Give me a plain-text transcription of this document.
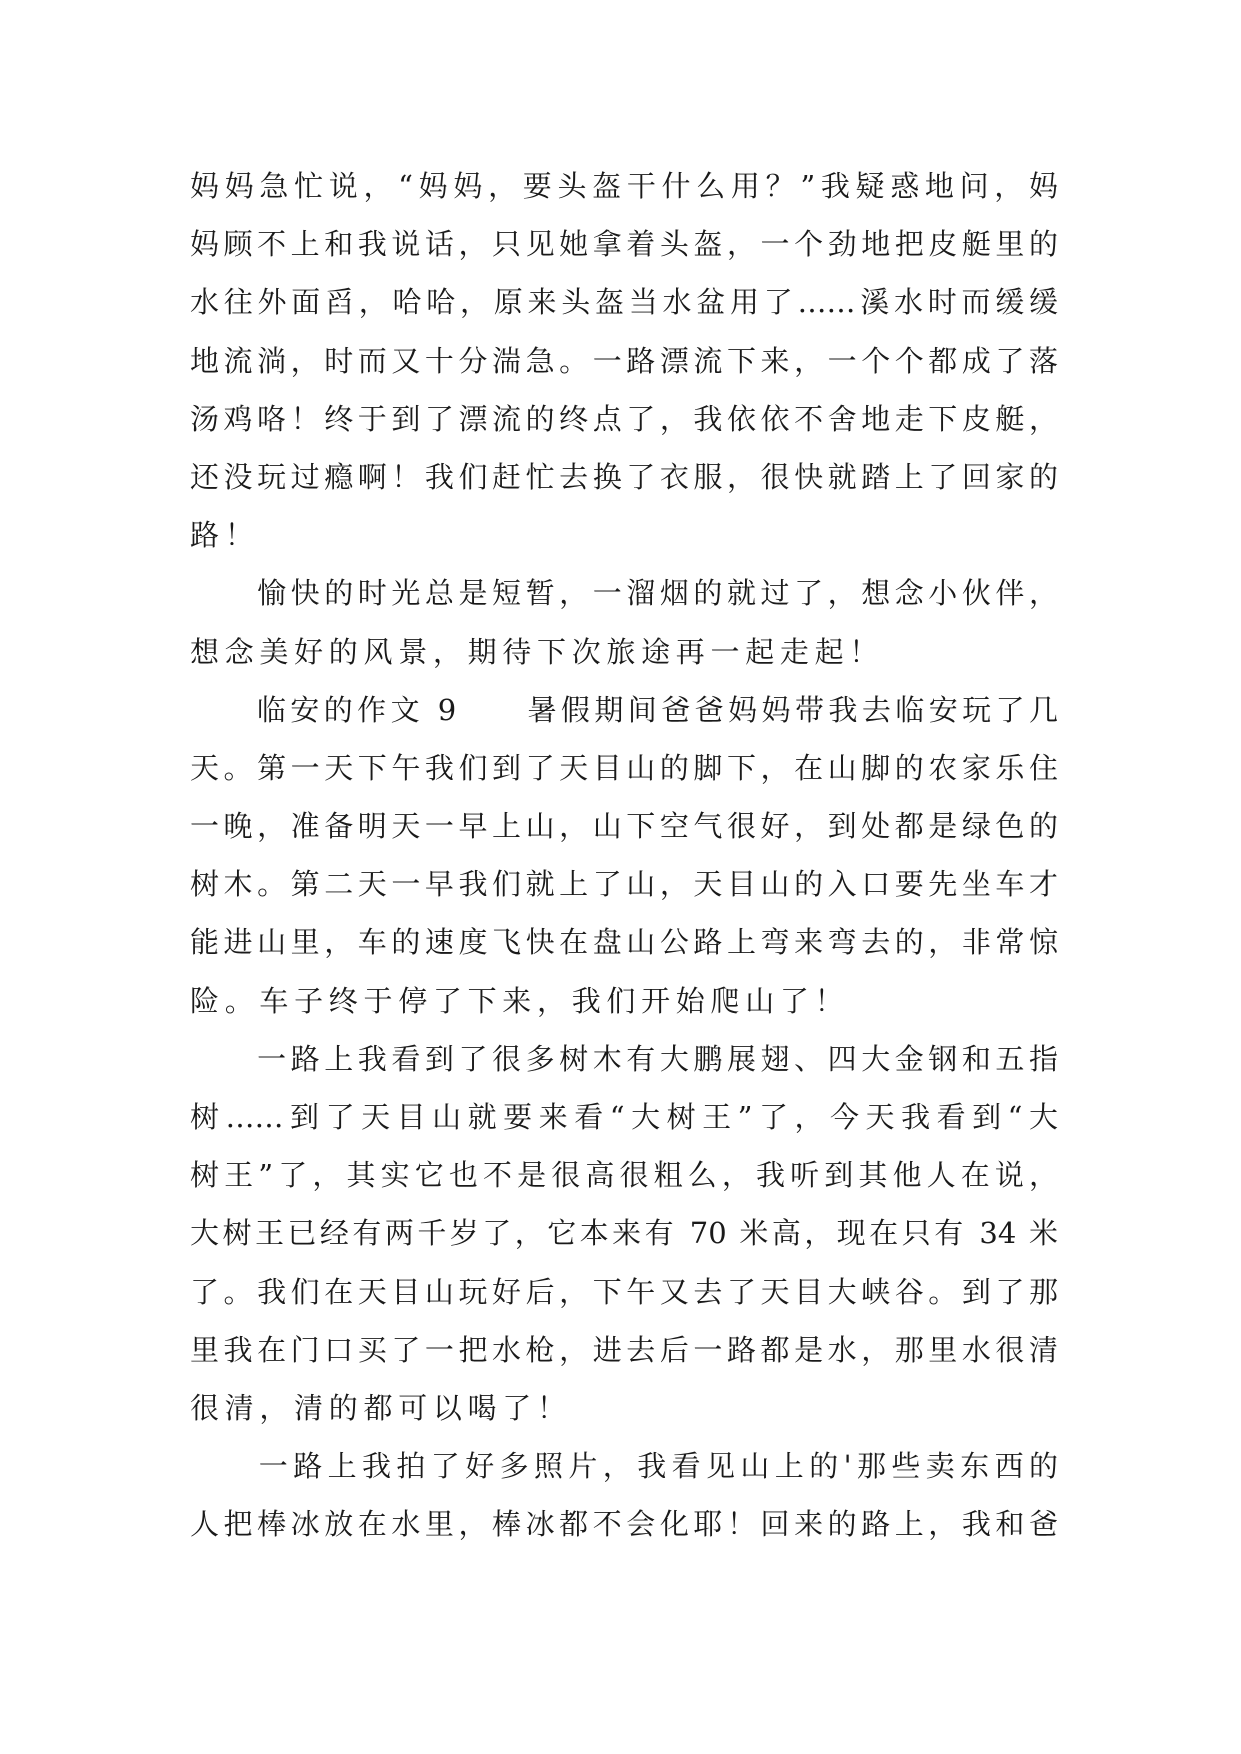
妈妈急忙说，“妈妈，要头盔干什么用？”我疑惑地问，妈
妈顾不上和我说话，只见她拿着头盔，一个劲地把皮艇里的
水往外面舀，哈哈，原来头盔当水盆用了……溪水时而缓缓
地流淌，时而又十分湍急。一路漂流下来，一个个都成了落
汤鸡咯！终于到了漂流的终点了，我依依不舍地走下皮艇，
还没玩过瘾啊！我们赶忙去换了衣服，很快就踏上了回家的
路！
　　愉快的时光总是短暂，一溜烟的就过了，想念小伙伴，
想念美好的风景，期待下次旅途再一起走起！
　　临安的作文 9　　暑假期间爸爸妈妈带我去临安玩了几
天。第一天下午我们到了天目山的脚下，在山脚的农家乐住
一晚，准备明天一早上山，山下空气很好，到处都是绿色的
树木。第二天一早我们就上了山，天目山的入口要先坐车才
能进山里，车的速度飞快在盘山公路上弯来弯去的，非常惊
险。车子终于停了下来，我们开始爬山了！
　　一路上我看到了很多树木有大鹏展翅、四大金钢和五指
树……到了天目山就要来看“大树王”了，今天我看到“大
树王”了，其实它也不是很高很粗么，我听到其他人在说，
大树王已经有两千岁了，它本来有 70 米高，现在只有 34 米
了。我们在天目山玩好后，下午又去了天目大峡谷。到了那
里我在门口买了一把水枪，进去后一路都是水，那里水很清
很清，清的都可以喝了！
　　一路上我拍了好多照片，我看见山上的'那些卖东西的
人把棒冰放在水里，棒冰都不会化耶！回来的路上，我和爸
